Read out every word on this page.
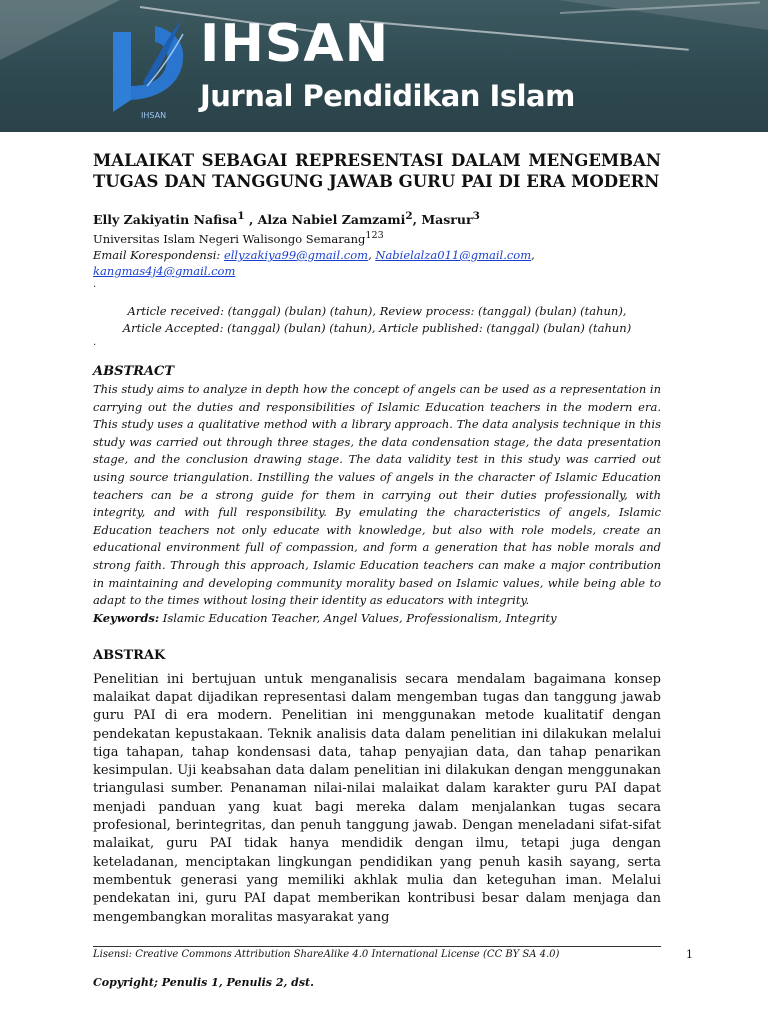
IHSAN
IHSAN
Jurnal Pendidikan Islam
MALAIKAT SEBAGAI REPRESENTASI DALAM MENGEMBAN TUGAS DAN TANGGUNG JAWAB GURU PAI DI ERA MODERN
Elly Zakiyatin Nafisa$^1$ , Alza Nabiel Zamzami$^2$, Masrur$^3$
Universitas Islam Negeri Walisongo Semarang$^{123}$
Email Korespondensi: ellyzakiya99@gmail.com, Nabielalza011@gmail.com,
kangmas4j4@gmail.com
.
Article received: (tanggal) (bulan) (tahun), Review process: (tanggal) (bulan) (tahun),
Article Accepted: (tanggal) (bulan) (tahun), Article published: (tanggal) (bulan) (tahun)
.
ABSTRACT
This study aims to analyze in depth how the concept of angels can be used as a representation in carrying out the duties and responsibilities of Islamic Education teachers in the modern era. This study uses a qualitative method with a library approach. The data analysis technique in this study was carried out through three stages, the data condensation stage, the data presentation stage, and the conclusion drawing stage. The data validity test in this study was carried out using source triangulation. Instilling the values of angels in the character of Islamic Education teachers can be a strong guide for them in carrying out their duties professionally, with integrity, and with full responsibility. By emulating the characteristics of angels, Islamic Education teachers not only educate with knowledge, but also with role models, create an educational environment full of compassion, and form a generation that has noble morals and strong faith. Through this approach, Islamic Education teachers can make a major contribution in maintaining and developing community morality based on Islamic values, while being able to adapt to the times without losing their identity as educators with integrity.
Keywords: Islamic Education Teacher, Angel Values, Professionalism, Integrity
ABSTRAK

Penelitian ini bertujuan untuk menganalisis secara mendalam bagaimana konsep malaikat dapat dijadikan representasi dalam mengemban tugas dan tanggung jawab guru PAI di era modern. Penelitian ini menggunakan metode kualitatif dengan pendekatan kepustakaan. Teknik analisis data dalam penelitian ini dilakukan melalui tiga tahapan, tahap kondensasi data, tahap penyajian data, dan tahap penarikan kesimpulan. Uji keabsahan data dalam penelitian ini dilakukan dengan menggunakan triangulasi sumber. Penanaman nilai-nilai malaikat dalam karakter guru PAI dapat menjadi panduan yang kuat bagi mereka dalam menjalankan tugas secara profesional, berintegritas, dan penuh tanggung jawab. Dengan meneladani sifat-sifat malaikat, guru PAI tidak hanya mendidik dengan ilmu, tetapi juga dengan keteladanan, menciptakan lingkungan pendidikan yang penuh kasih sayang, serta membentuk generasi yang memiliki akhlak mulia dan keteguhan iman. Melalui pendekatan ini, guru PAI dapat memberikan kontribusi besar dalam menjaga dan mengembangkan moralitas masyarakat yang

Lisensi: Creative Commons Attribution ShareAlike 4.0 International License (CC BY SA 4.0)	1
Copyright; Penulis 1, Penulis 2, dst.
